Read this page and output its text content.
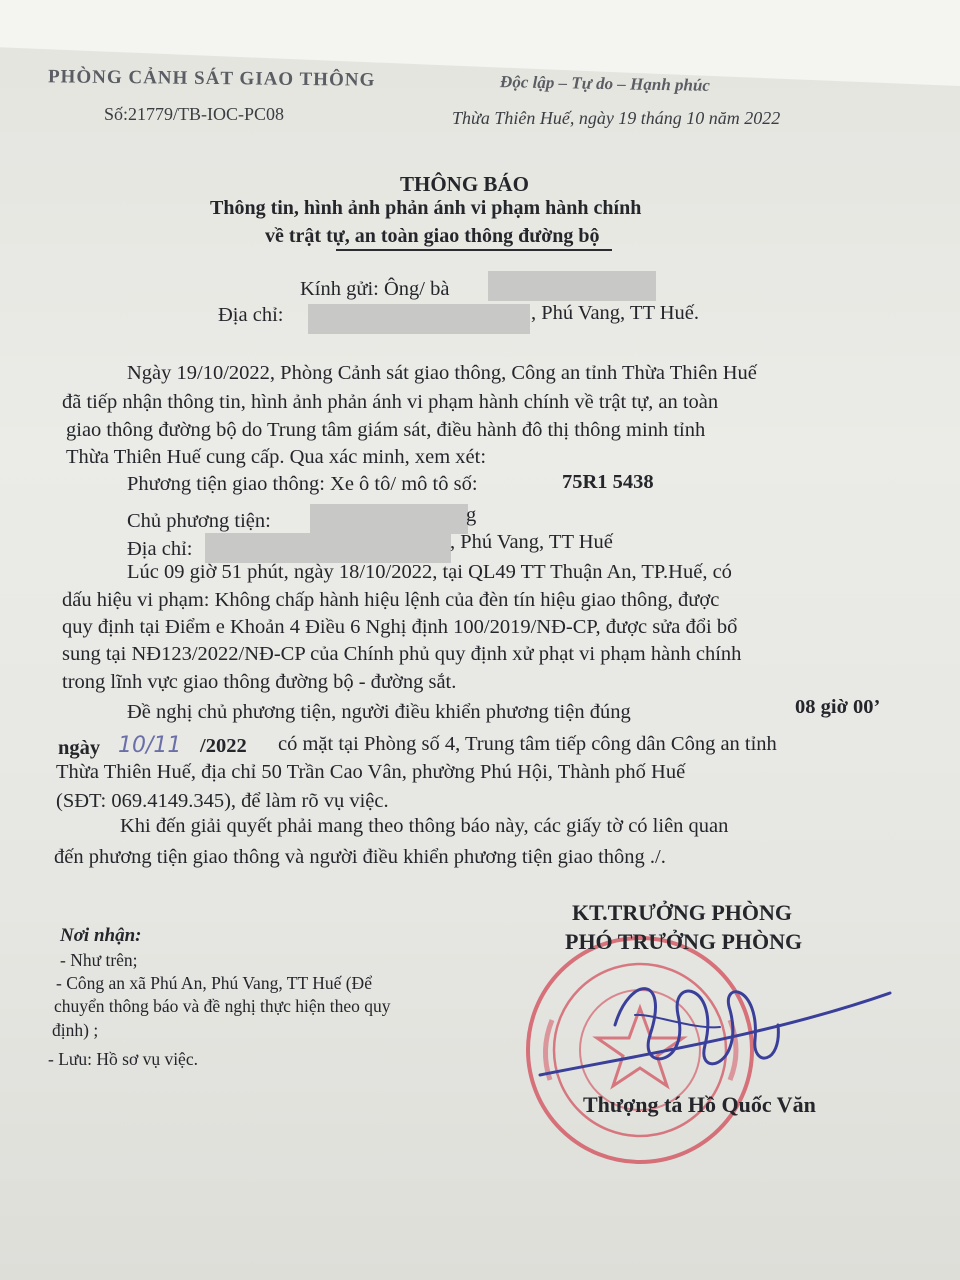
PHÒNG CẢNH SÁT GIAO THÔNG	Độc lập – Tự do – Hạnh phúc
Số:21779/TB-IOC-PC08	Thừa Thiên Huế, ngày 19 tháng 10 năm 2022
THÔNG BÁO
Thông tin, hình ảnh phản ánh vi phạm hành chính
về trật tự, an toàn giao thông đường bộ
Kính gửi: Ông/ bà
Địa chỉ:	, Phú Vang, TT Huế.
Ngày 19/10/2022, Phòng Cảnh sát giao thông, Công an tỉnh Thừa Thiên Huế
đã tiếp nhận thông tin, hình ảnh phản ánh vi phạm hành chính về trật tự, an toàn
giao thông đường bộ do Trung tâm giám sát, điều hành đô thị thông minh tỉnh
Thừa Thiên Huế cung cấp. Qua xác minh, xem xét:
Phương tiện giao thông: Xe ô tô/ mô tô số:	75R1 5438
Chủ phương tiện:	g
Địa chỉ:	, Phú Vang, TT Huế
Lúc 09 giờ 51 phút, ngày 18/10/2022, tại QL49 TT Thuận An, TP.Huế, có
dấu hiệu vi phạm: Không chấp hành hiệu lệnh của đèn tín hiệu giao thông, được
quy định tại Điểm e Khoản 4 Điều 6 Nghị định 100/2019/NĐ-CP, được sửa đổi bổ
sung tại NĐ123/2022/NĐ-CP của Chính phủ quy định xử phạt vi phạm hành chính
trong lĩnh vực giao thông đường bộ - đường sắt.
Đề nghị chủ phương tiện, người điều khiển phương tiện đúng	08 giờ 00’
ngày 10/11 /2022 có mặt tại Phòng số 4, Trung tâm tiếp công dân Công an tỉnh
Thừa Thiên Huế, địa chỉ 50 Trần Cao Vân, phường Phú Hội, Thành phố Huế
(SĐT: 069.4149.345), để làm rõ vụ việc.
Khi đến giải quyết phải mang theo thông báo này, các giấy tờ có liên quan
đến phương tiện giao thông và người điều khiển phương tiện giao thông ./.
Nơi nhận:
- Như trên;
- Công an xã Phú An, Phú Vang, TT Huế (Để
chuyển thông báo và đề nghị thực hiện theo quy
định) ;
- Lưu: Hồ sơ vụ việc.
KT.TRƯỞNG PHÒNG
PHÓ TRƯỞNG PHÒNG
Thượng tá Hồ Quốc Văn
